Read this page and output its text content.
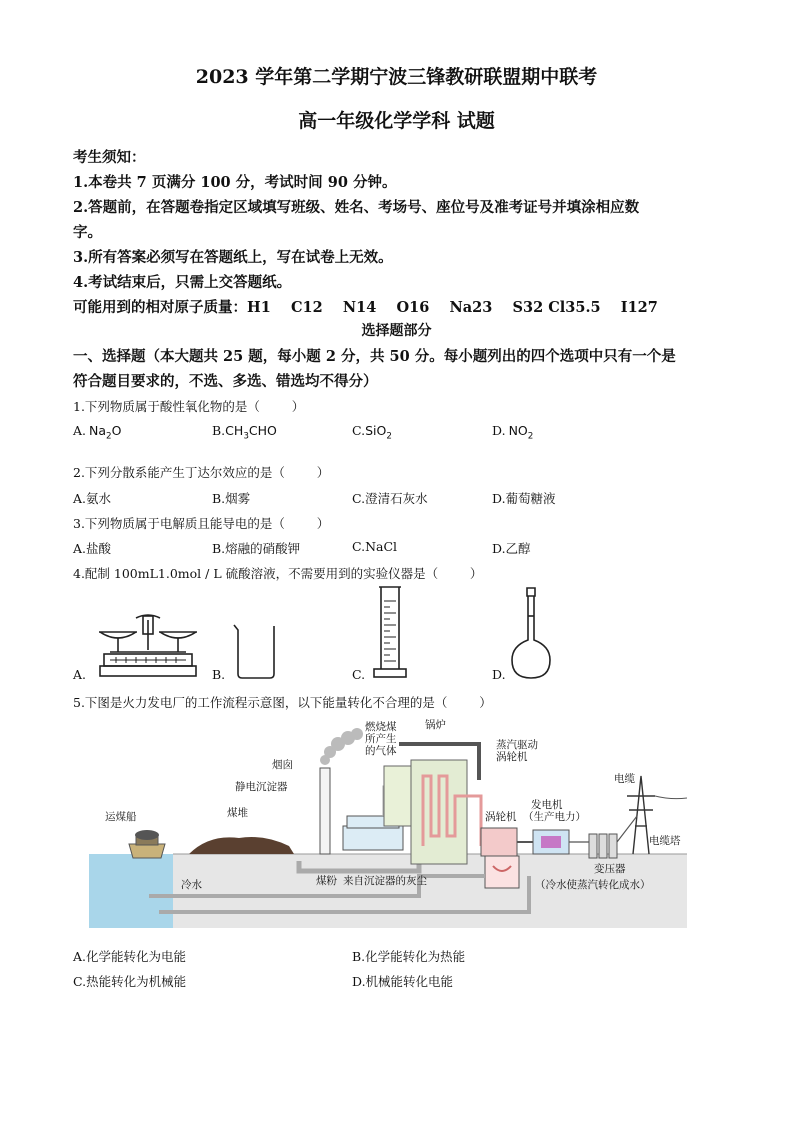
2023 学年第二学期宁波三锋教研联盟期中联考
高一年级化学学科 试题
考生须知：
1.本卷共 7 页满分 100 分，考试时间 90 分钟。
2.答题前，在答题卷指定区域填写班级、姓名、考场号、座位号及准考证号并填涂相应数
字。
3.所有答案必须写在答题纸上，写在试卷上无效。
4.考试结束后，只需上交答题纸。
可能用到的相对原子质量：H1    C12    N14    O16    Na23    S32 Cl35.5    I127
选择题部分
一、选择题（本大题共 25 题，每小题 2 分，共 50 分。每小题列出的四个选项中只有一个是
符合题目要求的，不选、多选、错选均不得分）
1.下列物质属于酸性氧化物的是（        ）
A. $Na_2O$	$B.CH_3CHO$	C.SiO$_2$	D. $NO_2$
2.下列分散系能产生丁达尔效应的是（        ）
A.氨水	B.烟雾	C.澄清石灰水	D.葡萄糖液
3.下列物质属于电解质且能导电的是（        ）
A.盐酸	B.熔融的硝酸钾	C.NaCl	D.乙醇
4.配制 100mL1.0mol / L 硫酸溶液，不需要用到的实验仪器是（        ）
A.	B.	C.	D.
5.下图是火力发电厂的工作流程示意图，以下能量转化不合理的是（        ）
燃烧煤
所产生
的气体
锅炉
蒸汽驱动
涡轮机
烟囱
静电沉淀器
发电机
（生产电力）
电缆
涡轮机
煤堆
运煤船
电缆塔
变压器
冷水	煤粉 来自沉淀器的灰尘	（冷水使蒸汽转化成水）
A.化学能转化为电能	B.化学能转化为热能
C.热能转化为机械能	D.机械能转化电能
